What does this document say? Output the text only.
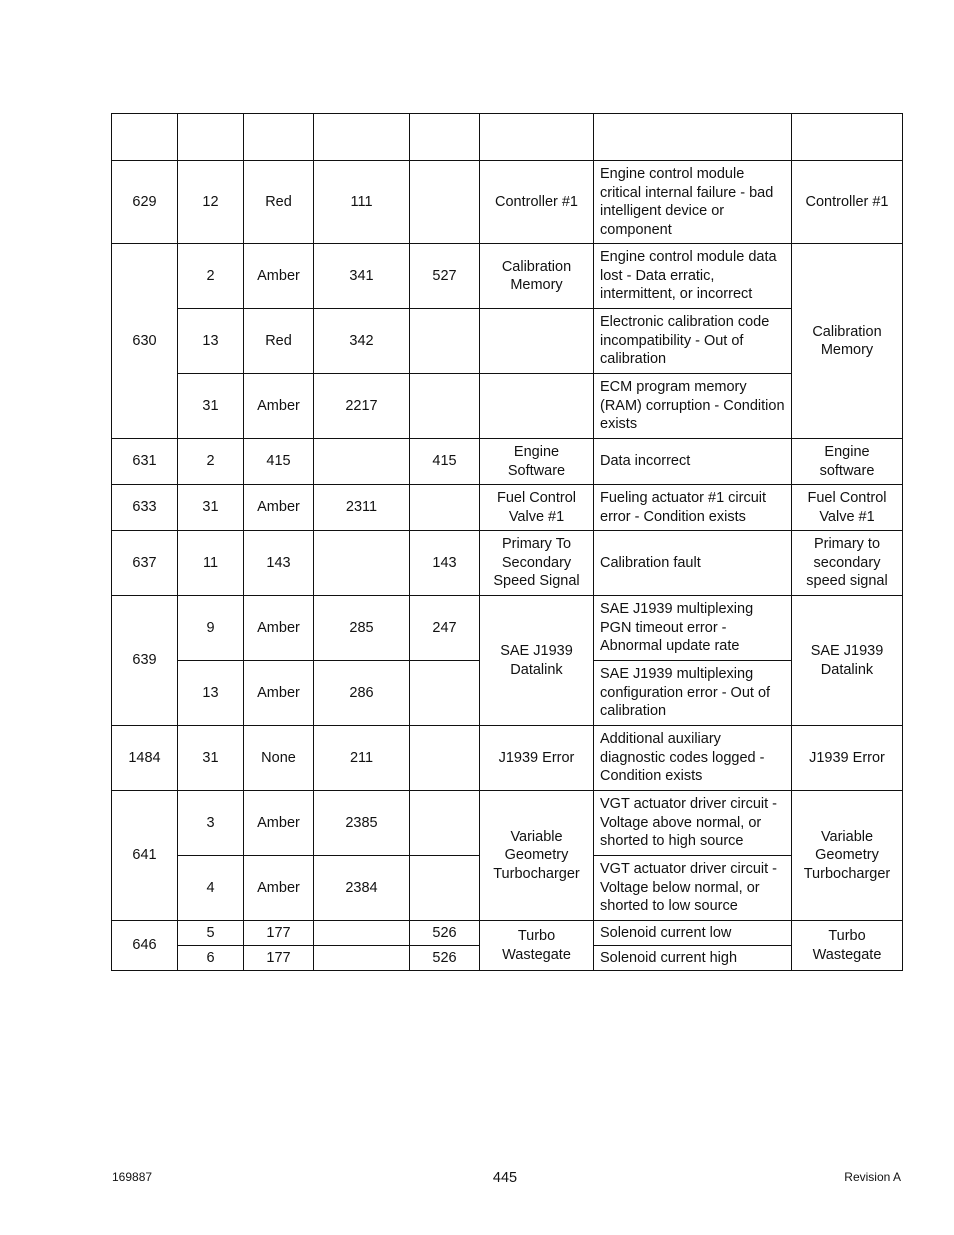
629	12	Red	111		Controller #1	Engine control module critical internal failure - bad intelligent device or component	Controller #1
630	2	Amber	341	527	Calibration Memory	Engine control module data lost - Data erratic, intermittent, or incorrect	Calibration Memory
	13	Red	342			Electronic calibration code incompatibility - Out of calibration	
	31	Amber	2217			ECM program memory (RAM) corruption - Condition exists	
631	2	415		415	Engine Software	Data incorrect	Engine software
633	31	Amber	2311		Fuel Control Valve #1	Fueling actuator #1 circuit error - Condition exists	Fuel Control Valve #1
637	11	143		143	Primary To Secondary Speed Signal	Calibration fault	Primary to secondary speed signal
639	9	Amber	285	247	SAE J1939 Datalink	SAE J1939 multiplexing PGN timeout error - Abnormal update rate	SAE J1939 Datalink
	13	Amber	286			SAE J1939 multiplexing configuration error - Out of calibration	
1484	31	None	211		J1939 Error	Additional auxiliary diagnostic codes logged - Condition exists	J1939 Error
641	3	Amber	2385		Variable Geometry Turbocharger	VGT actuator driver circuit - Voltage above normal, or shorted to high source	Variable Geometry Turbocharger
	4	Amber	2384			VGT actuator driver circuit - Voltage below normal, or shorted to low source	
646	5	177		526	Turbo Wastegate	Solenoid current low	Turbo Wastegate
	6	177		526		Solenoid current high	
169887	445	Revision A
